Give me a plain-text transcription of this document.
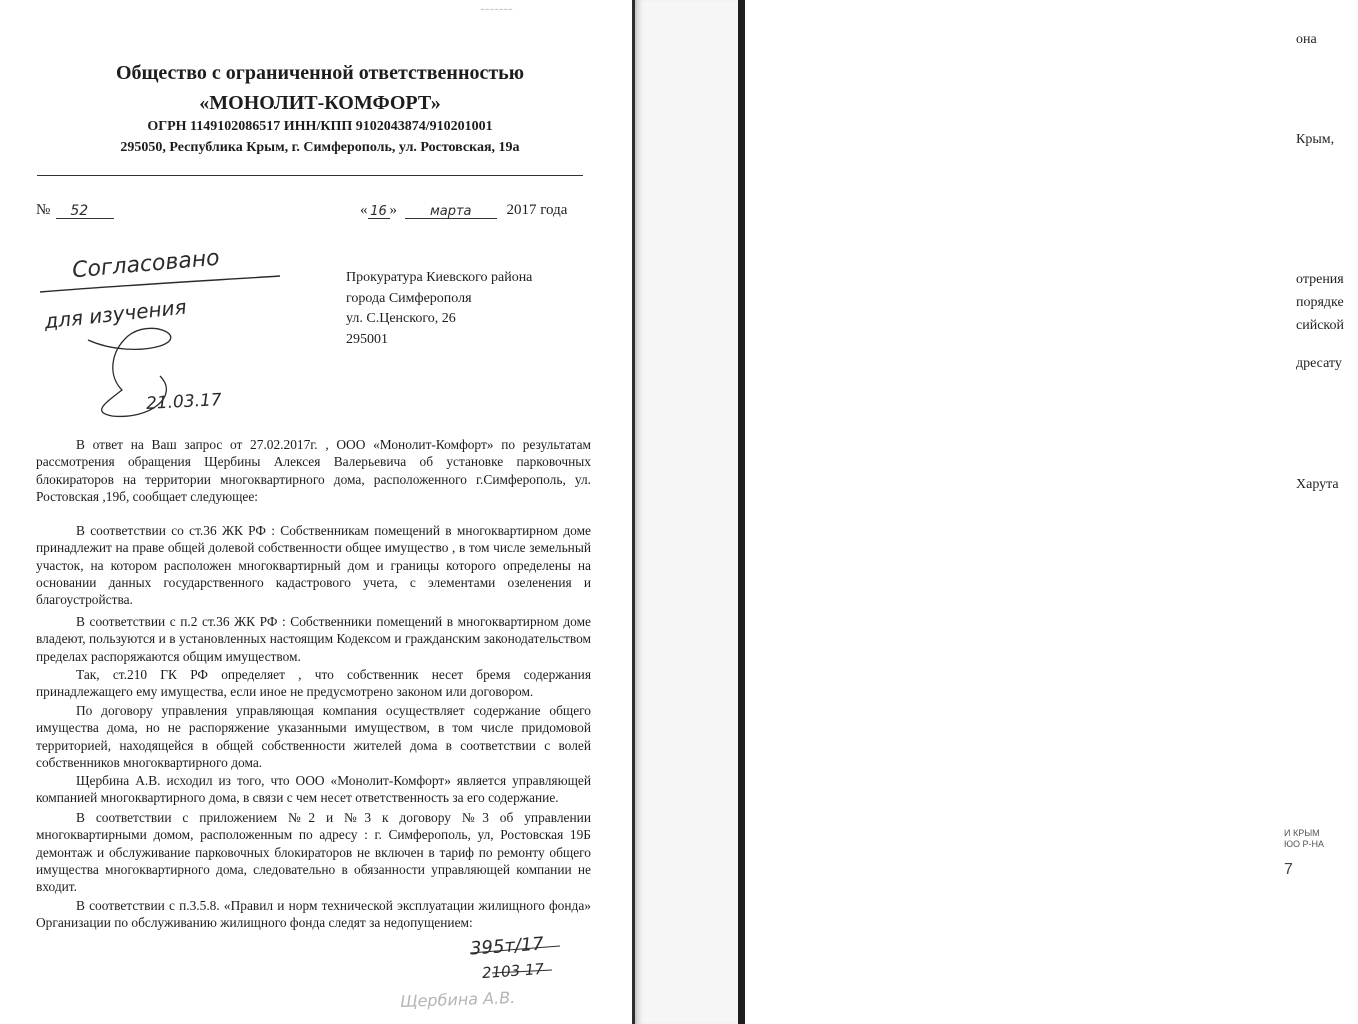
она
Крым,
отрения
порядке
сийской
дресату
Харута
И КРЫМ
ЮО Р-НА
7
-------
Общество с ограниченной ответственностью
«МОНОЛИТ-КОМФОРТ»
ОГРН 1149102086517 ИНН/КПП 9102043874/910201001
295050, Республика Крым, г. Симферополь, ул. Ростовская, 19а
№ 52	« 16 »	марта 2017 года
Согласовано
для изучения
21.03.17
Прокуратура Киевского района
города Симферополя
ул. С.Ценского, 26
295001
В ответ на Ваш запрос от 27.02.2017г. , ООО «Монолит-Комфорт» по результатам рассмотрения обращения Щербины Алексея Валерьевича об установке парковочных блокираторов на территории многоквартирного дома, расположенного г.Симферополь, ул. Ростовская ,19б, сообщает следующее:
В соответствии со ст.36 ЖК РФ : Собственникам помещений в многоквартирном доме принадлежит на праве общей долевой собственности общее имущество , в том числе земельный участок, на котором расположен многоквартирный дом и границы которого определены на основании данных государственного кадастрового учета, с элементами озеленения и благоустройства.
В соответствии с п.2 ст.36 ЖК РФ : Собственники помещений в многоквартирном доме владеют, пользуются и в установленных настоящим Кодексом и гражданским законодательством пределах распоряжаются общим имуществом.
Так, ст.210 ГК РФ определяет , что собственник несет бремя содержания принадлежащего ему имущества, если иное не предусмотрено законом или договором.
По договору управления управляющая компания осуществляет содержание общего имущества дома, но не распоряжение указанными имуществом, в том числе придомовой территорией, находящейся в общей собственности жителей дома в соответствии с волей собственников многоквартирного дома.
Щербина А.В. исходил из того, что ООО «Монолит-Комфорт» является управляющей компанией многоквартирного дома, в связи с чем несет ответственность за его содержание.
В соответствии с приложением №2 и №3 к договору №3 об управлении многоквартирными домом, расположенным по адресу : г. Симферополь, ул, Ростовская 19Б демонтаж и обслуживание парковочных блокираторов не включен в тариф по ремонту общего имущества многоквартирного дома, следовательно в обязанности управляющей компании не входит.
В соответствии с п.3.5.8. «Правил и норм технической эксплуатации жилищного фонда» Организации по обслуживанию жилищного фонда следят за недопущением:
395т/17
2103 17
Щербина А.В.
